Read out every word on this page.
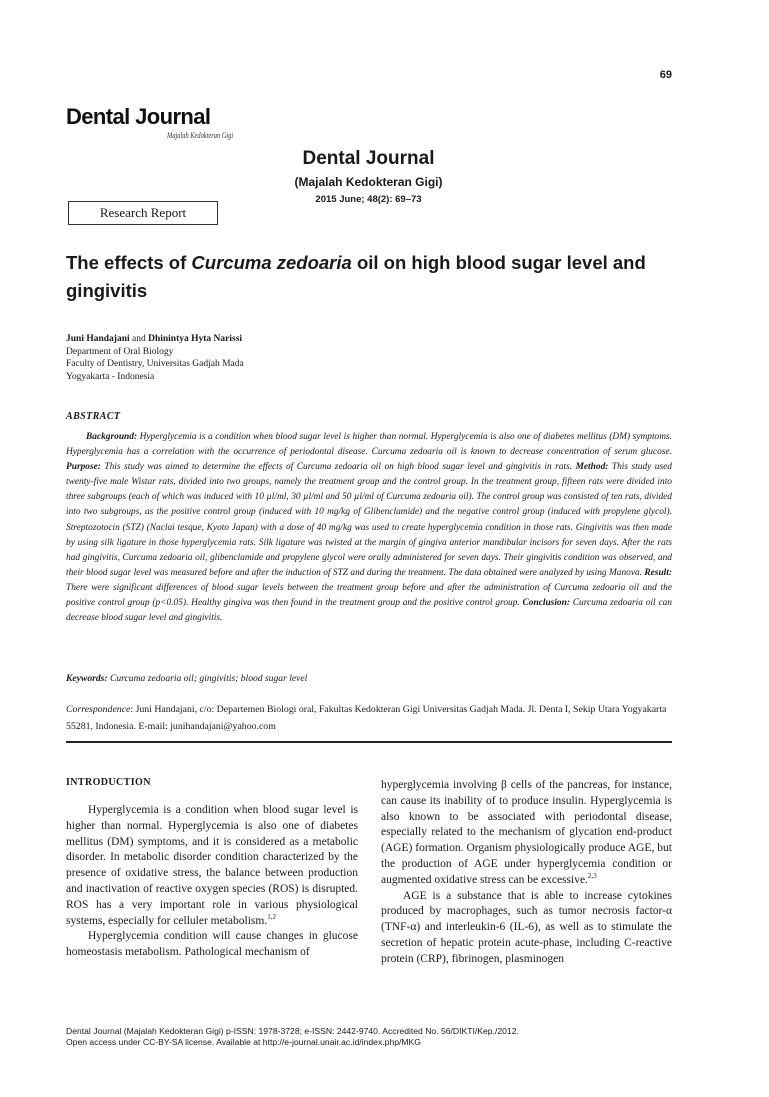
69
Dental Journal
Majalah Kedokteran Gigi
Dental Journal
(Majalah Kedokteran Gigi)
2015 June; 48(2): 69–73
Research Report
The effects of Curcuma zedoaria oil on high blood sugar level and gingivitis
Juni Handajani and Dhinintya Hyta Narissi
Department of Oral Biology
Faculty of Dentistry, Universitas Gadjah Mada
Yogyakarta - Indonesia
ABSTRACT
Background: Hyperglycemia is a condition when blood sugar level is higher than normal. Hyperglycemia is also one of diabetes mellitus (DM) symptoms. Hyperglycemia has a correlation with the occurrence of periodontal disease. Curcuma zedoaria oil is known to decrease concentration of serum glucose. Purpose: This study was aimed to determine the effects of Curcuma zedoaria oil on high blood sugar level and gingivitis in rats. Method: This study used twenty-five male Wistar rats, divided into two groups, namely the treatment group and the control group. In the treatment group, fifteen rats were divided into three subgroups (each of which was induced with 10 µl/ml, 30 µl/ml and 50 µl/ml of Curcuma zedoaria oil). The control group was consisted of ten rats, divided into two subgroups, as the positive control group (induced with 10 mg/kg of Glibenclamide) and the negative control group (induced with propylene glycol). Streptozotocin (STZ) (Naclai tesque, Kyoto Japan) with a dose of 40 mg/kg was used to create hyperglycemia condition in those rats. Gingivitis was then made by using silk ligature in those hyperglycemia rats. Silk ligature was twisted at the margin of gingiva anterior mandibular incisors for seven days. After the rats had gingivitis, Curcuma zedoaria oil, glibenclamide and propylene glycol were orally administered for seven days. Their gingivitis condition was observed, and their blood sugar level was measured before and after the induction of STZ and during the treatment. The data obtained were analyzed by using Manova. Result: There were significant differences of blood sugar levels between the treatment group before and after the administration of Curcuma zedoaria oil and the positive control group (p<0.05). Healthy gingiva was then found in the treatment group and the positive control group. Conclusion: Curcuma zedoaria oil can decrease blood sugar level and gingivitis.
Keywords: Curcuma zedoaria oil; gingivitis; blood sugar level
Correspondence: Juni Handajani, c/o: Departemen Biologi oral, Fakultas Kedokteran Gigi Universitas Gadjah Mada. Jl. Denta I, Sekip Utara Yogyakarta 55281, Indonesia. E-mail: junihandajani@yahoo.com
INTRODUCTION

Hyperglycemia is a condition when blood sugar level is higher than normal. Hyperglycemia is also one of diabetes mellitus (DM) symptoms, and it is considered as a metabolic disorder. In metabolic disorder condition characterized by the presence of oxidative stress, the balance between production and inactivation of reactive oxygen species (ROS) is disrupted. ROS has a very important role in various physiological systems, especially for celluler metabolism.$^{1,2}$

Hyperglycemia condition will cause changes in glucose homeostasis metabolism. Pathological mechanism of

hyperglycemia involving β cells of the pancreas, for instance, can cause its inability of to produce insulin. Hyperglycemia is also known to be associated with periodontal disease, especially related to the mechanism of glycation end-product (AGE) formation. Organism physiologically produce AGE, but the production of AGE under hyperglycemia condition or augmented oxidative stress can be excessive.$^{2,3}$

AGE is a substance that is able to increase cytokines produced by macrophages, such as tumor necrosis factor-α (TNF-α) and interleukin-6 (IL-6), as well as to stimulate the secretion of hepatic protein acute-phase, including C-reactive protein (CRP), fibrinogen, plasminogen

Dental Journal (Majalah Kedokteran Gigi) p-ISSN: 1978-3728; e-ISSN: 2442-9740. Accredited No. 56/DIKTI/Kep./2012.
Open access under CC-BY-SA license. Available at http://e-journal.unair.ac.id/index.php/MKG
